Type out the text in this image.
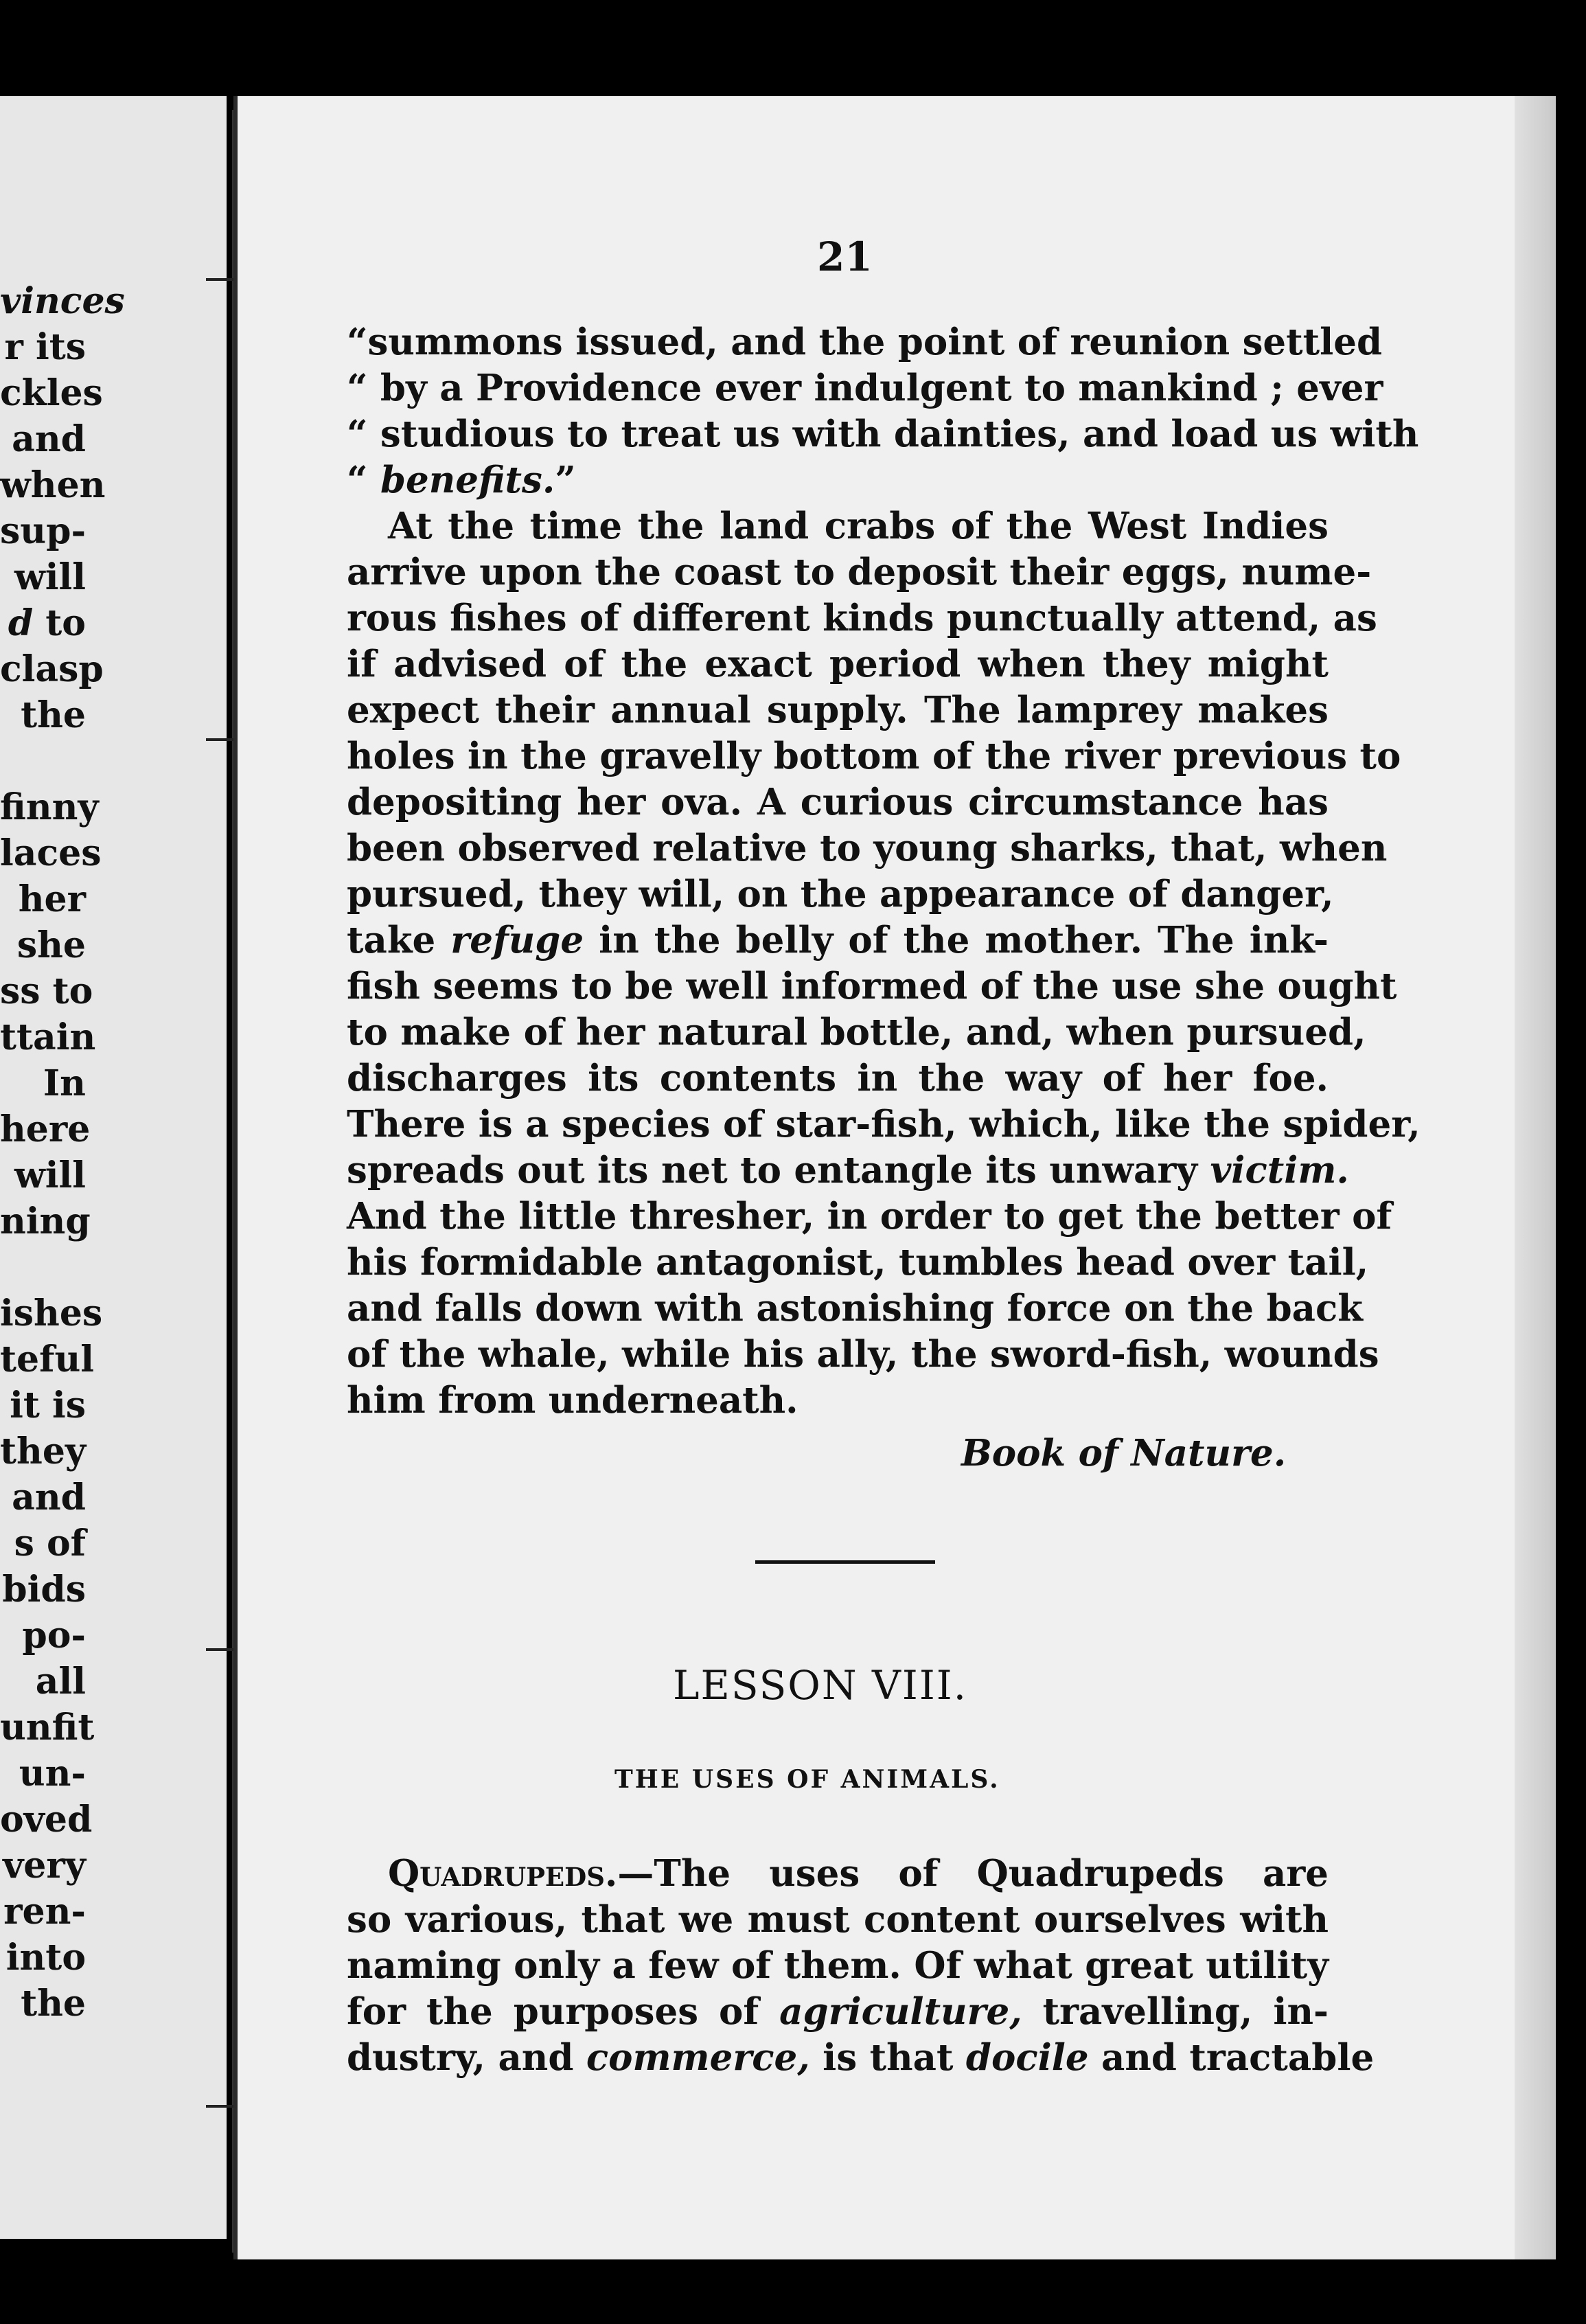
vinces
r its
ckles
and
when
sup-
will
d to
clasp
the
finny
laces
her
she
ss to
ttain
In
here
will
ning
ishes
teful
it is
they
and
s of
bids
po-
all
unfit
un-
oved
very
ren-
into
the
21
“summons issued, and the point of reunion settled
“ by a Providence ever indulgent to mankind ; ever
“ studious to treat us with dainties, and load us with
“ benefits.”
At the time the land crabs of the West Indies
arrive upon the coast to deposit their eggs, nume-
rous fishes of different kinds punctually attend, as
if advised of the exact period when they might
expect their annual supply. The lamprey makes
holes in the gravelly bottom of the river previous to
depositing her ova. A curious circumstance has
been observed relative to young sharks, that, when
pursued, they will, on the appearance of danger,
take refuge in the belly of the mother. The ink-
fish seems to be well informed of the use she ought
to make of her natural bottle, and, when pursued,
discharges its contents in the way of her foe.
There is a species of star-fish, which, like the spider,
spreads out its net to entangle its unwary victim.
And the little thresher, in order to get the better of
his formidable antagonist, tumbles head over tail,
and falls down with astonishing force on the back
of the whale, while his ally, the sword-fish, wounds
him from underneath.
Book of Nature.
LESSON VIII.
THE USES OF ANIMALS.
Quadrupeds.—The uses of Quadrupeds are
so various, that we must content ourselves with
naming only a few of them. Of what great utility
for the purposes of agriculture, travelling, in-
dustry, and commerce, is that docile and tractable
